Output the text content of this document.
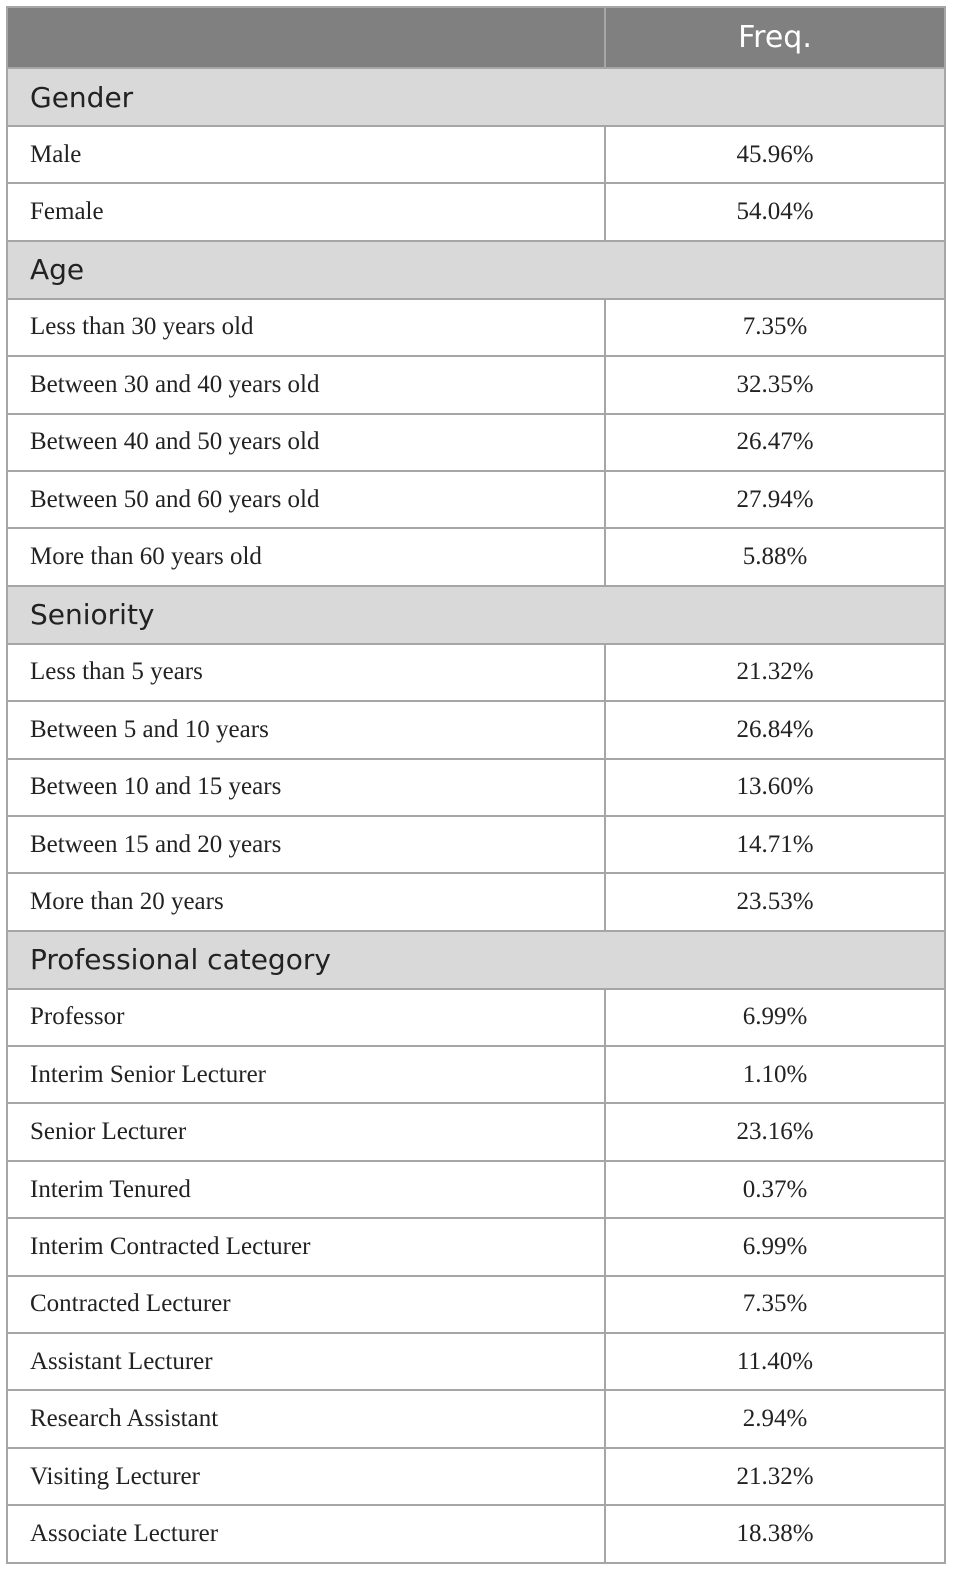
	Freq.
Gender	
Male	45.96%
Female	54.04%
Age	
Less than 30 years old	7.35%
Between 30 and 40 years old	32.35%
Between 40 and 50 years old	26.47%
Between 50 and 60 years old	27.94%
More than 60 years old	5.88%
Seniority	
Less than 5 years	21.32%
Between 5 and 10 years	26.84%
Between 10 and 15 years	13.60%
Between 15 and 20 years	14.71%
More than 20 years	23.53%
Professional category	
Professor	6.99%
Interim Senior Lecturer	1.10%
Senior Lecturer	23.16%
Interim Tenured	0.37%
Interim Contracted Lecturer	6.99%
Contracted Lecturer	7.35%
Assistant Lecturer	11.40%
Research Assistant	2.94%
Visiting Lecturer	21.32%
Associate Lecturer	18.38%
